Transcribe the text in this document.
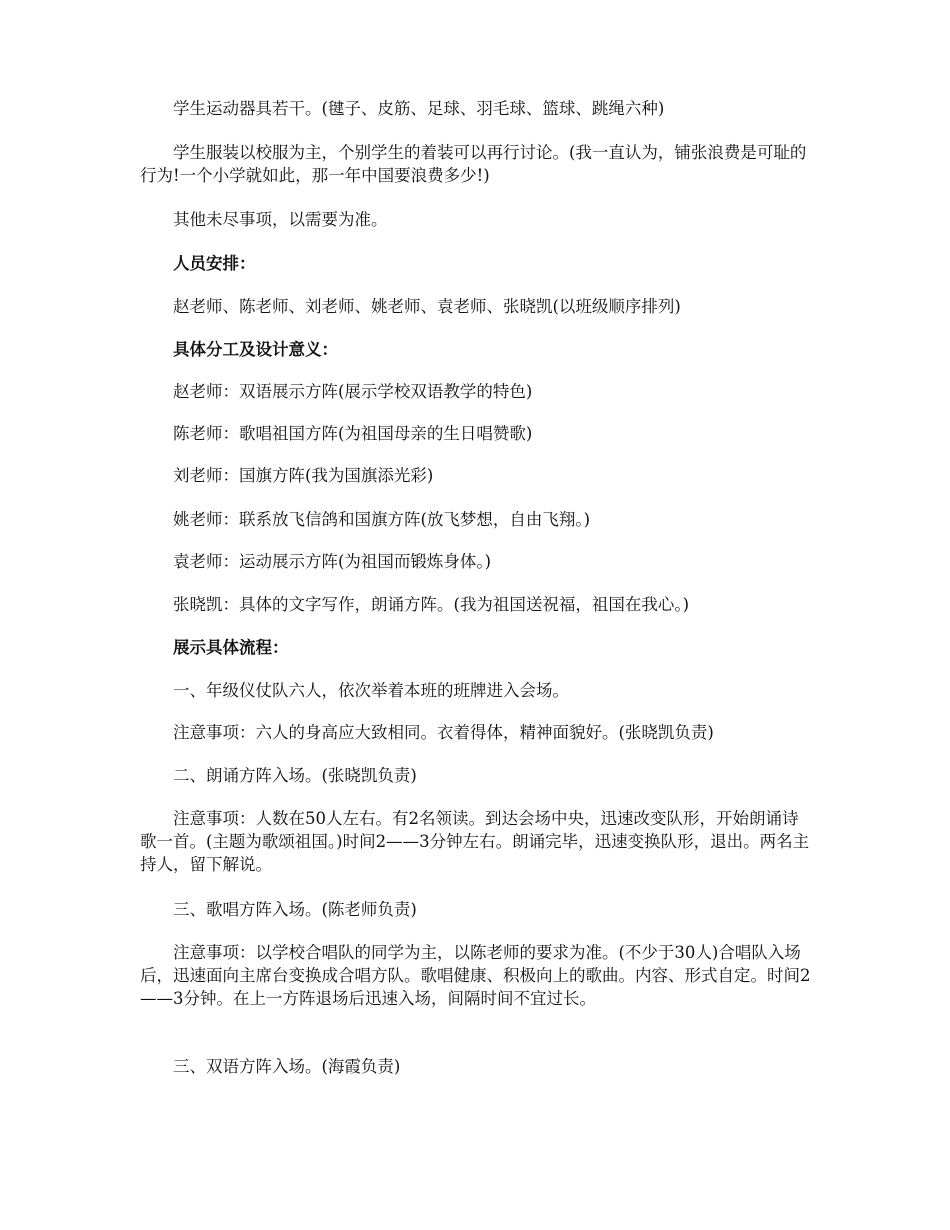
　　学生运动器具若干。(毽子、皮筋、足球、羽毛球、篮球、跳绳六种)

　　学生服装以校服为主，个别学生的着装可以再行讨论。(我一直认为，铺张浪费是可耻的行为!一个小学就如此，那一年中国要浪费多少!)

　　其他未尽事项，以需要为准。

　　人员安排：

　　赵老师、陈老师、刘老师、姚老师、袁老师、张晓凯(以班级顺序排列)

　　具体分工及设计意义：

　　赵老师：双语展示方阵(展示学校双语教学的特色)

　　陈老师：歌唱祖国方阵(为祖国母亲的生日唱赞歌)

　　刘老师：国旗方阵(我为国旗添光彩)

　　姚老师：联系放飞信鸽和国旗方阵(放飞梦想，自由飞翔。)

　　袁老师：运动展示方阵(为祖国而锻炼身体。)

　　张晓凯：具体的文字写作，朗诵方阵。(我为祖国送祝福，祖国在我心。)

　　展示具体流程：

　　一、年级仪仗队六人，依次举着本班的班牌进入会场。

　　注意事项：六人的身高应大致相同。衣着得体，精神面貌好。(张晓凯负责)

　　二、朗诵方阵入场。(张晓凯负责)

　　注意事项：人数在50人左右。有2名领读。到达会场中央，迅速改变队形，开始朗诵诗歌一首。(主题为歌颂祖国。)时间2——3分钟左右。朗诵完毕，迅速变换队形，退出。两名主持人，留下解说。

　　三、歌唱方阵入场。(陈老师负责)

　　注意事项：以学校合唱队的同学为主，以陈老师的要求为准。(不少于30人)合唱队入场后，迅速面向主席台变换成合唱方队。歌唱健康、积极向上的歌曲。内容、形式自定。时间2——3分钟。在上一方阵退场后迅速入场，间隔时间不宜过长。

　　三、双语方阵入场。(海霞负责)
